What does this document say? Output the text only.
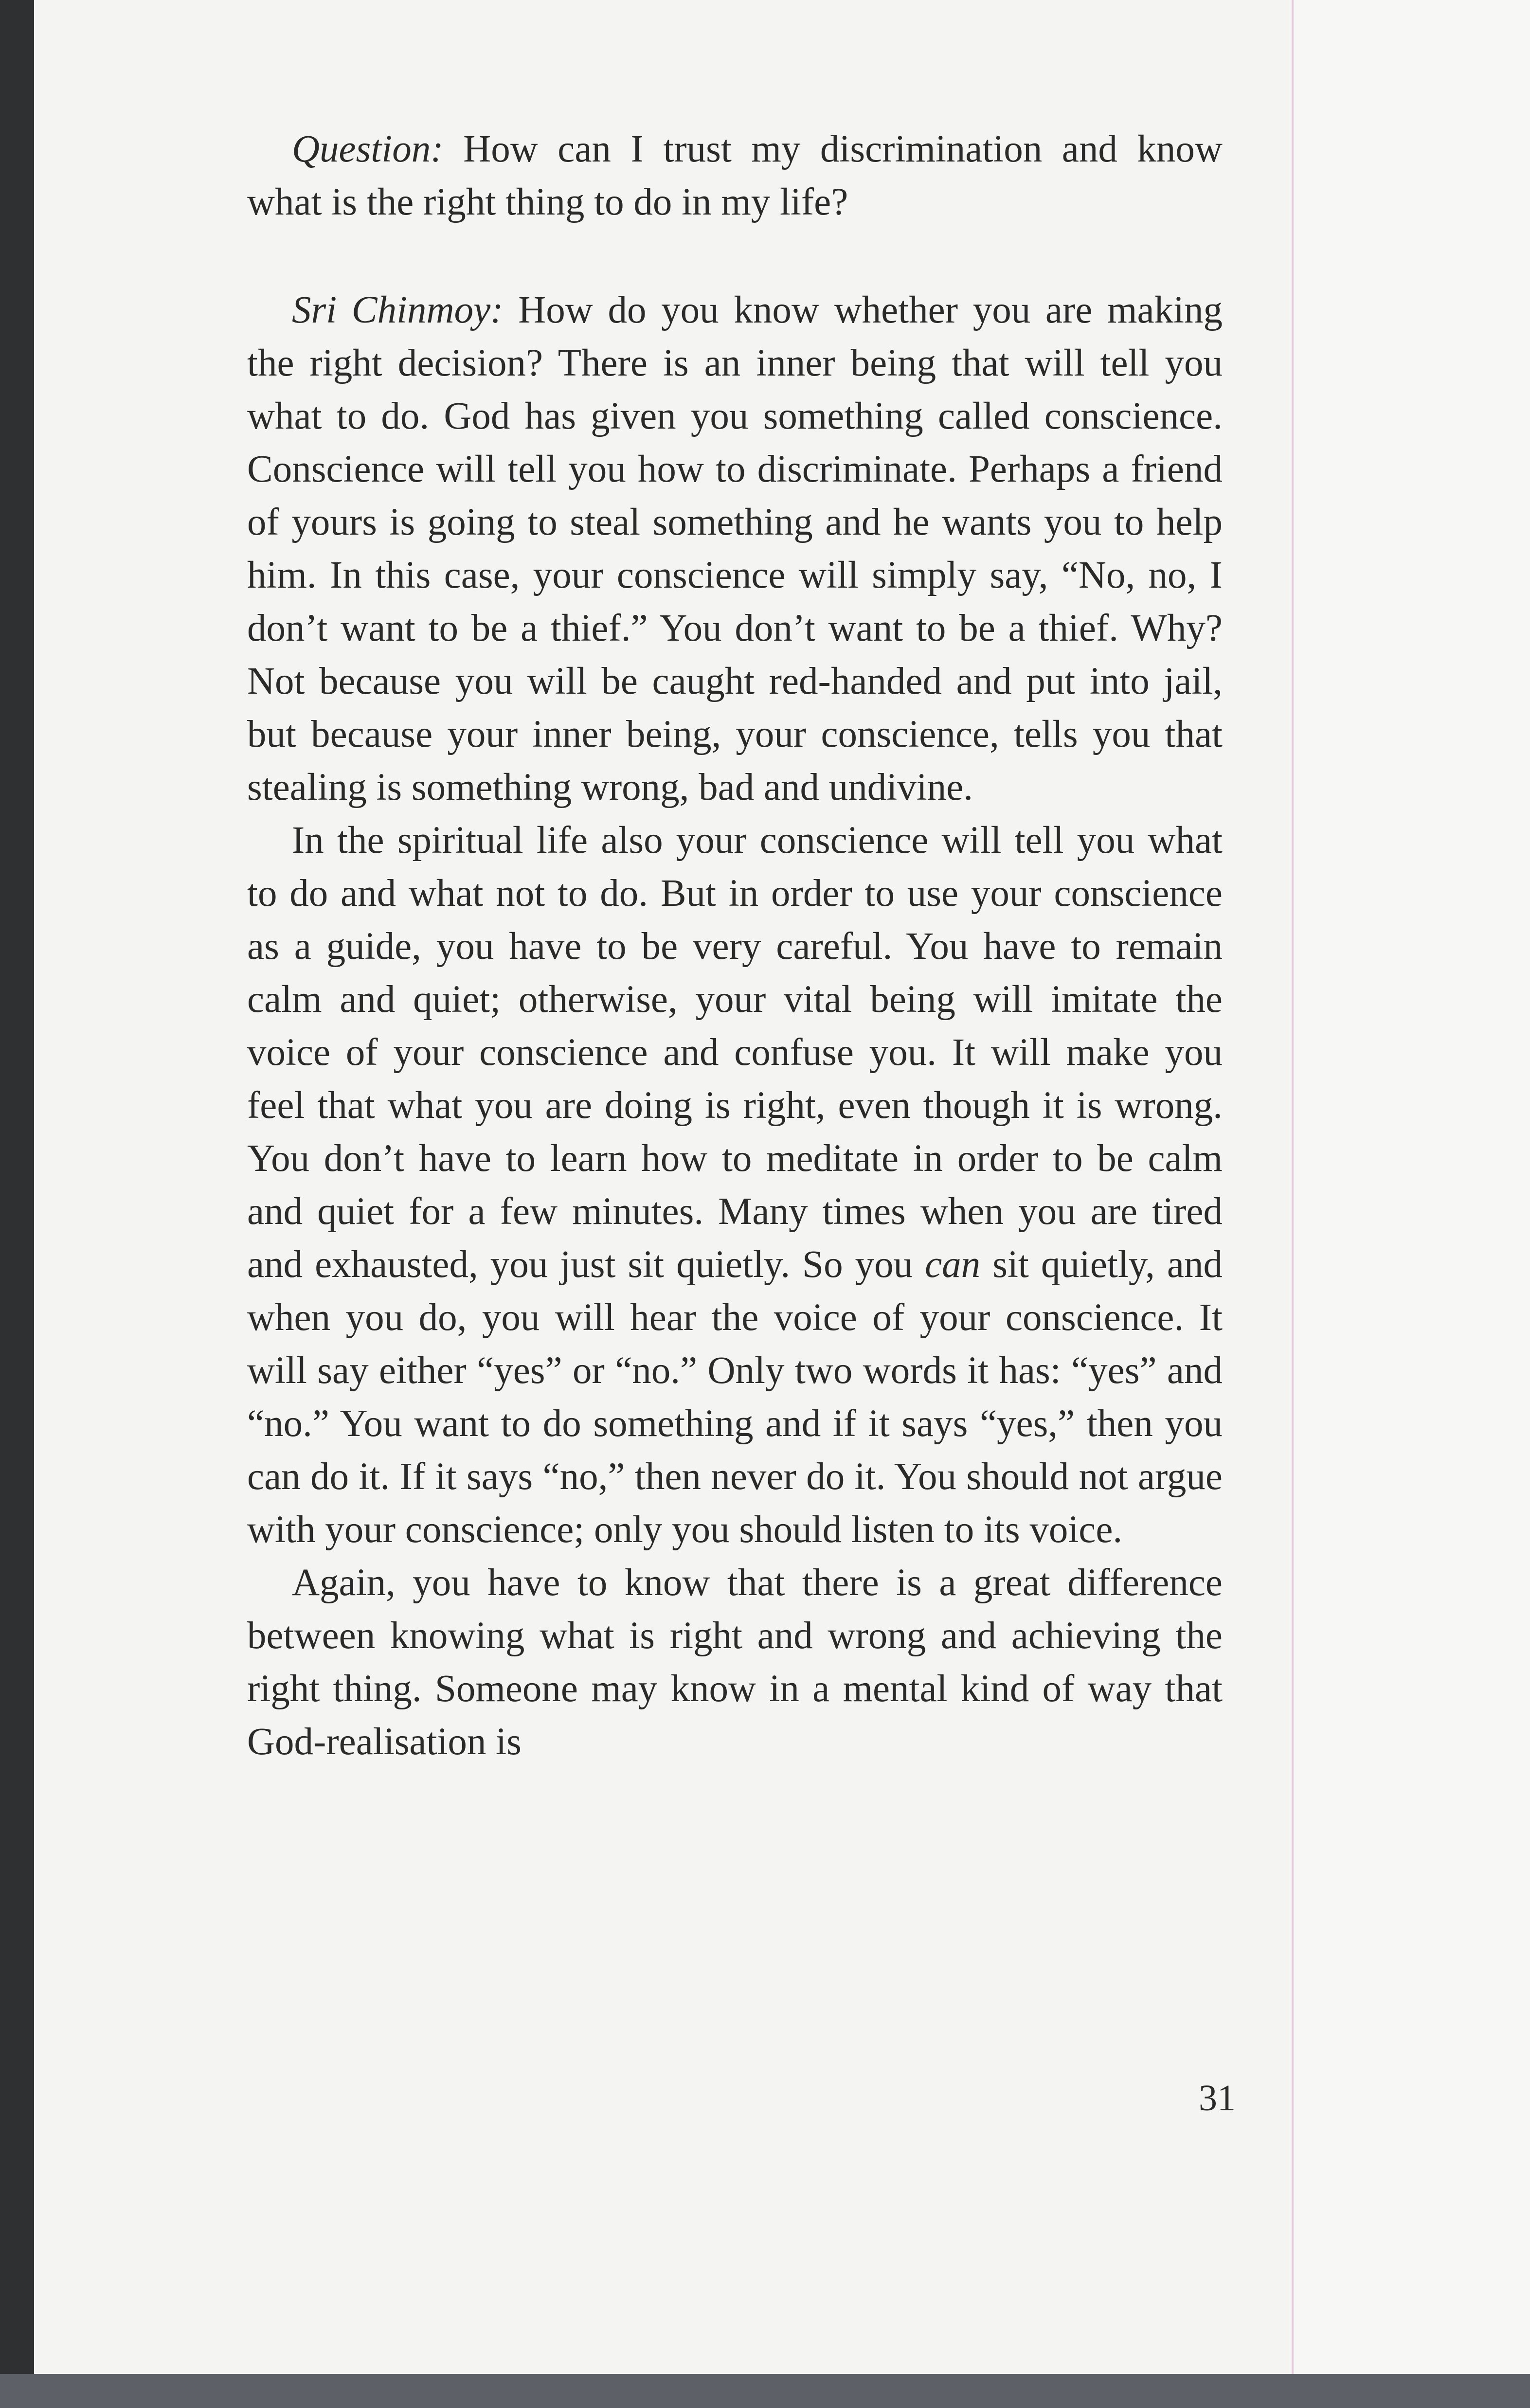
Question: How can I trust my discrimination and know what is the right thing to do in my life?

Sri Chinmoy: How do you know whether you are making the right decision? There is an inner being that will tell you what to do. God has given you something called conscience. Conscience will tell you how to discriminate. Perhaps a friend of yours is going to steal something and he wants you to help him. In this case, your conscience will simply say, “No, no, I don’t want to be a thief.” You don’t want to be a thief. Why? Not because you will be caught red-handed and put into jail, but because your inner being, your conscience, tells you that stealing is something wrong, bad and undivine.

In the spiritual life also your conscience will tell you what to do and what not to do. But in order to use your conscience as a guide, you have to be very careful. You have to remain calm and quiet; otherwise, your vital being will imitate the voice of your conscience and confuse you. It will make you feel that what you are doing is right, even though it is wrong. You don’t have to learn how to meditate in order to be calm and quiet for a few minutes. Many times when you are tired and exhausted, you just sit quietly. So you can sit quietly, and when you do, you will hear the voice of your conscience. It will say either “yes” or “no.” Only two words it has: “yes” and “no.” You want to do something and if it says “yes,” then you can do it. If it says “no,” then never do it. You should not argue with your conscience; only you should listen to its voice.

Again, you have to know that there is a great difference between knowing what is right and wrong and achieving the right thing. Someone may know in a mental kind of way that God-realisation is

31
